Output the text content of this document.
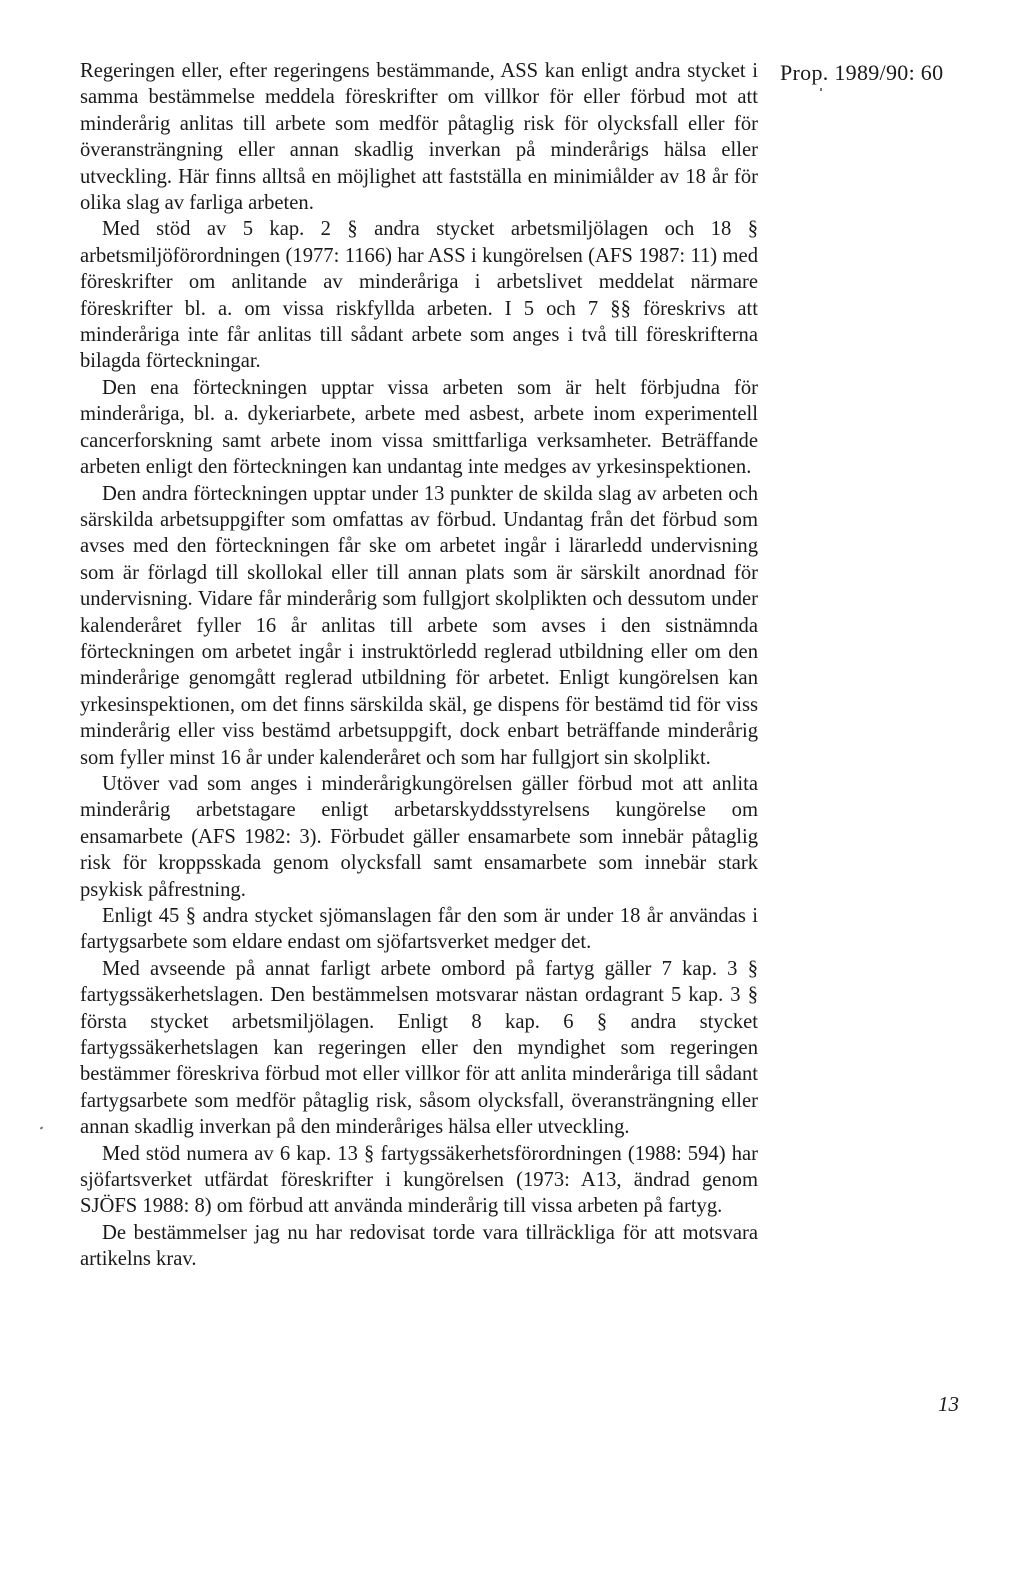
Prop. 1989/90: 60

Regeringen eller, efter regeringens bestämmande, ASS kan enligt andra stycket i samma bestämmelse meddela föreskrifter om villkor för eller förbud mot att minderårig anlitas till arbete som medför påtaglig risk för olycksfall eller för överansträngning eller annan skadlig inverkan på minderårigs hälsa eller utveckling. Här finns alltså en möjlighet att fastställa en minimiålder av 18 år för olika slag av farliga arbeten.

Med stöd av 5 kap. 2 § andra stycket arbetsmiljölagen och 18 § arbetsmiljöförordningen (1977: 1166) har ASS i kungörelsen (AFS 1987: 11) med föreskrifter om anlitande av minderåriga i arbetslivet meddelat närmare föreskrifter bl. a. om vissa riskfyllda arbeten. I 5 och 7 §§ föreskrivs att minderåriga inte får anlitas till sådant arbete som anges i två till föreskrifterna bilagda förteckningar.

Den ena förteckningen upptar vissa arbeten som är helt förbjudna för minderåriga, bl. a. dykeriarbete, arbete med asbest, arbete inom experimentell cancerforskning samt arbete inom vissa smittfarliga verksamheter. Beträffande arbeten enligt den förteckningen kan undantag inte medges av yrkesinspektionen.

Den andra förteckningen upptar under 13 punkter de skilda slag av arbeten och särskilda arbetsuppgifter som omfattas av förbud. Undantag från det förbud som avses med den förteckningen får ske om arbetet ingår i lärarledd undervisning som är förlagd till skollokal eller till annan plats som är särskilt anordnad för undervisning. Vidare får minderårig som fullgjort skolplikten och dessutom under kalenderåret fyller 16 år anlitas till arbete som avses i den sistnämnda förteckningen om arbetet ingår i instruktörledd reglerad utbildning eller om den minderårige genomgått reglerad utbildning för arbetet. Enligt kungörelsen kan yrkesinspektionen, om det finns särskilda skäl, ge dispens för bestämd tid för viss minderårig eller viss bestämd arbetsuppgift, dock enbart beträffande minderårig som fyller minst 16 år under kalenderåret och som har fullgjort sin skolplikt.

Utöver vad som anges i minderårigkungörelsen gäller förbud mot att anlita minderårig arbetstagare enligt arbetarskyddsstyrelsens kungörelse om ensamarbete (AFS 1982: 3). Förbudet gäller ensamarbete som innebär påtaglig risk för kroppsskada genom olycksfall samt ensamarbete som innebär stark psykisk påfrestning.

Enligt 45 § andra stycket sjömanslagen får den som är under 18 år användas i fartygsarbete som eldare endast om sjöfartsverket medger det.

Med avseende på annat farligt arbete ombord på fartyg gäller 7 kap. 3 § fartygssäkerhetslagen. Den bestämmelsen motsvarar nästan ordagrant 5 kap. 3 § första stycket arbetsmiljölagen. Enligt 8 kap. 6 § andra stycket fartygssäkerhetslagen kan regeringen eller den myndighet som regeringen bestämmer föreskriva förbud mot eller villkor för att anlita minderåriga till sådant fartygsarbete som medför påtaglig risk, såsom olycksfall, överansträngning eller annan skadlig inverkan på den minderåriges hälsa eller utveckling.

Med stöd numera av 6 kap. 13 § fartygssäkerhetsförordningen (1988: 594) har sjöfartsverket utfärdat föreskrifter i kungörelsen (1973: A13, ändrad genom SJÖFS 1988: 8) om förbud att använda minderårig till vissa arbeten på fartyg.

De bestämmelser jag nu har redovisat torde vara tillräckliga för att motsvara artikelns krav.

13
